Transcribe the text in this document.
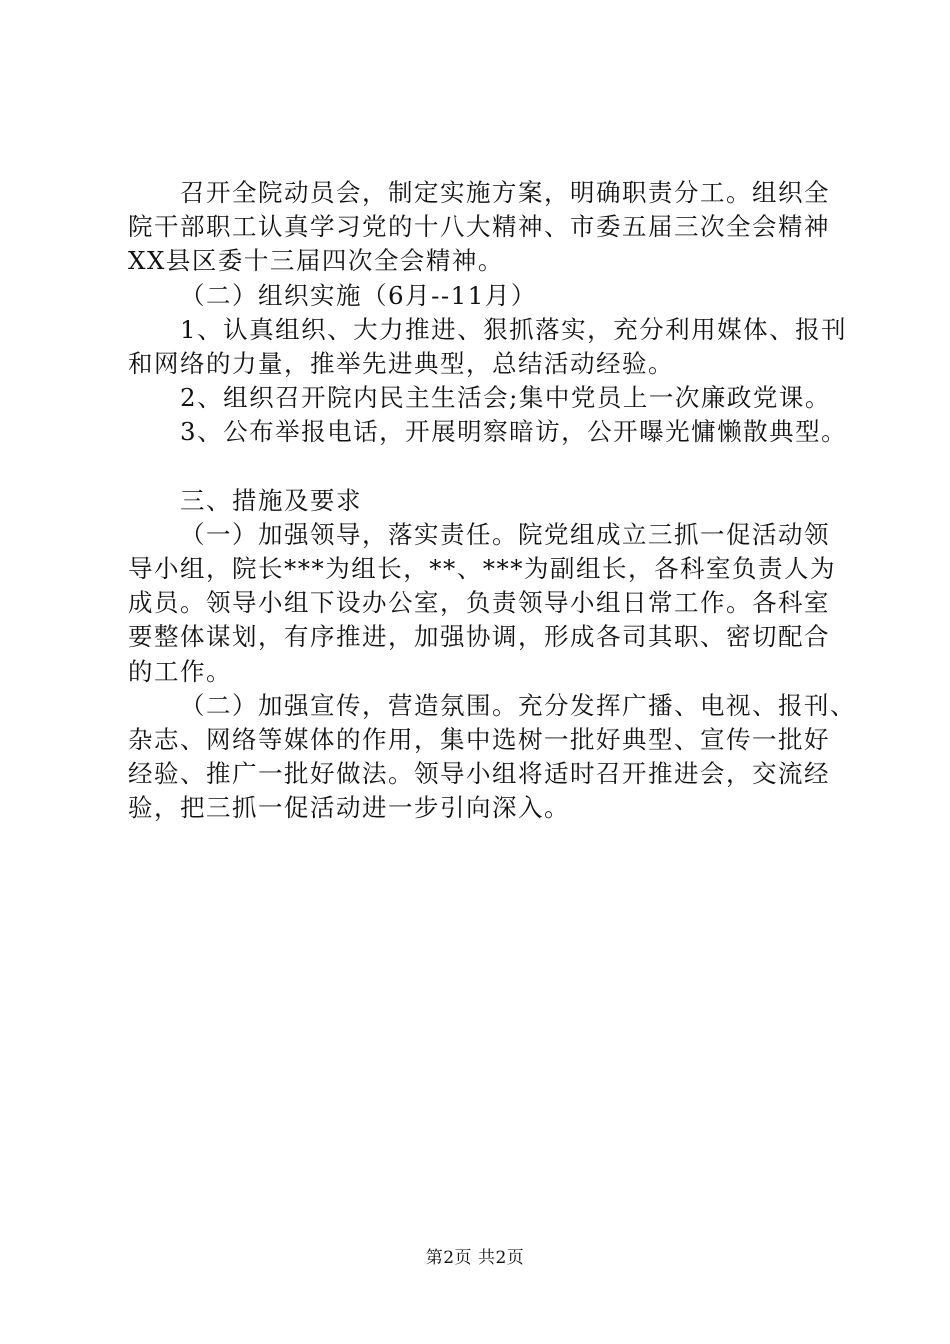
召开全院动员会，制定实施方案，明确职责分工。组织全
院干部职工认真学习党的十八大精神、市委五届三次全会精神
XX县区委十三届四次全会精神。
（二）组织实施（6月--11月）
1、认真组织、大力推进、狠抓落实，充分利用媒体、报刊
和网络的力量，推举先进典型，总结活动经验。
2、组织召开院内民主生活会;集中党员上一次廉政党课。
3、公布举报电话，开展明察暗访，公开曝光慵懒散典型。
三、措施及要求
（一）加强领导，落实责任。院党组成立三抓一促活动领
导小组，院长***为组长，**、***为副组长，各科室负责人为
成员。领导小组下设办公室，负责领导小组日常工作。各科室
要整体谋划，有序推进，加强协调，形成各司其职、密切配合
的工作。
（二）加强宣传，营造氛围。充分发挥广播、电视、报刊、
杂志、网络等媒体的作用，集中选树一批好典型、宣传一批好
经验、推广一批好做法。领导小组将适时召开推进会，交流经
验，把三抓一促活动进一步引向深入。
第2页 共2页
